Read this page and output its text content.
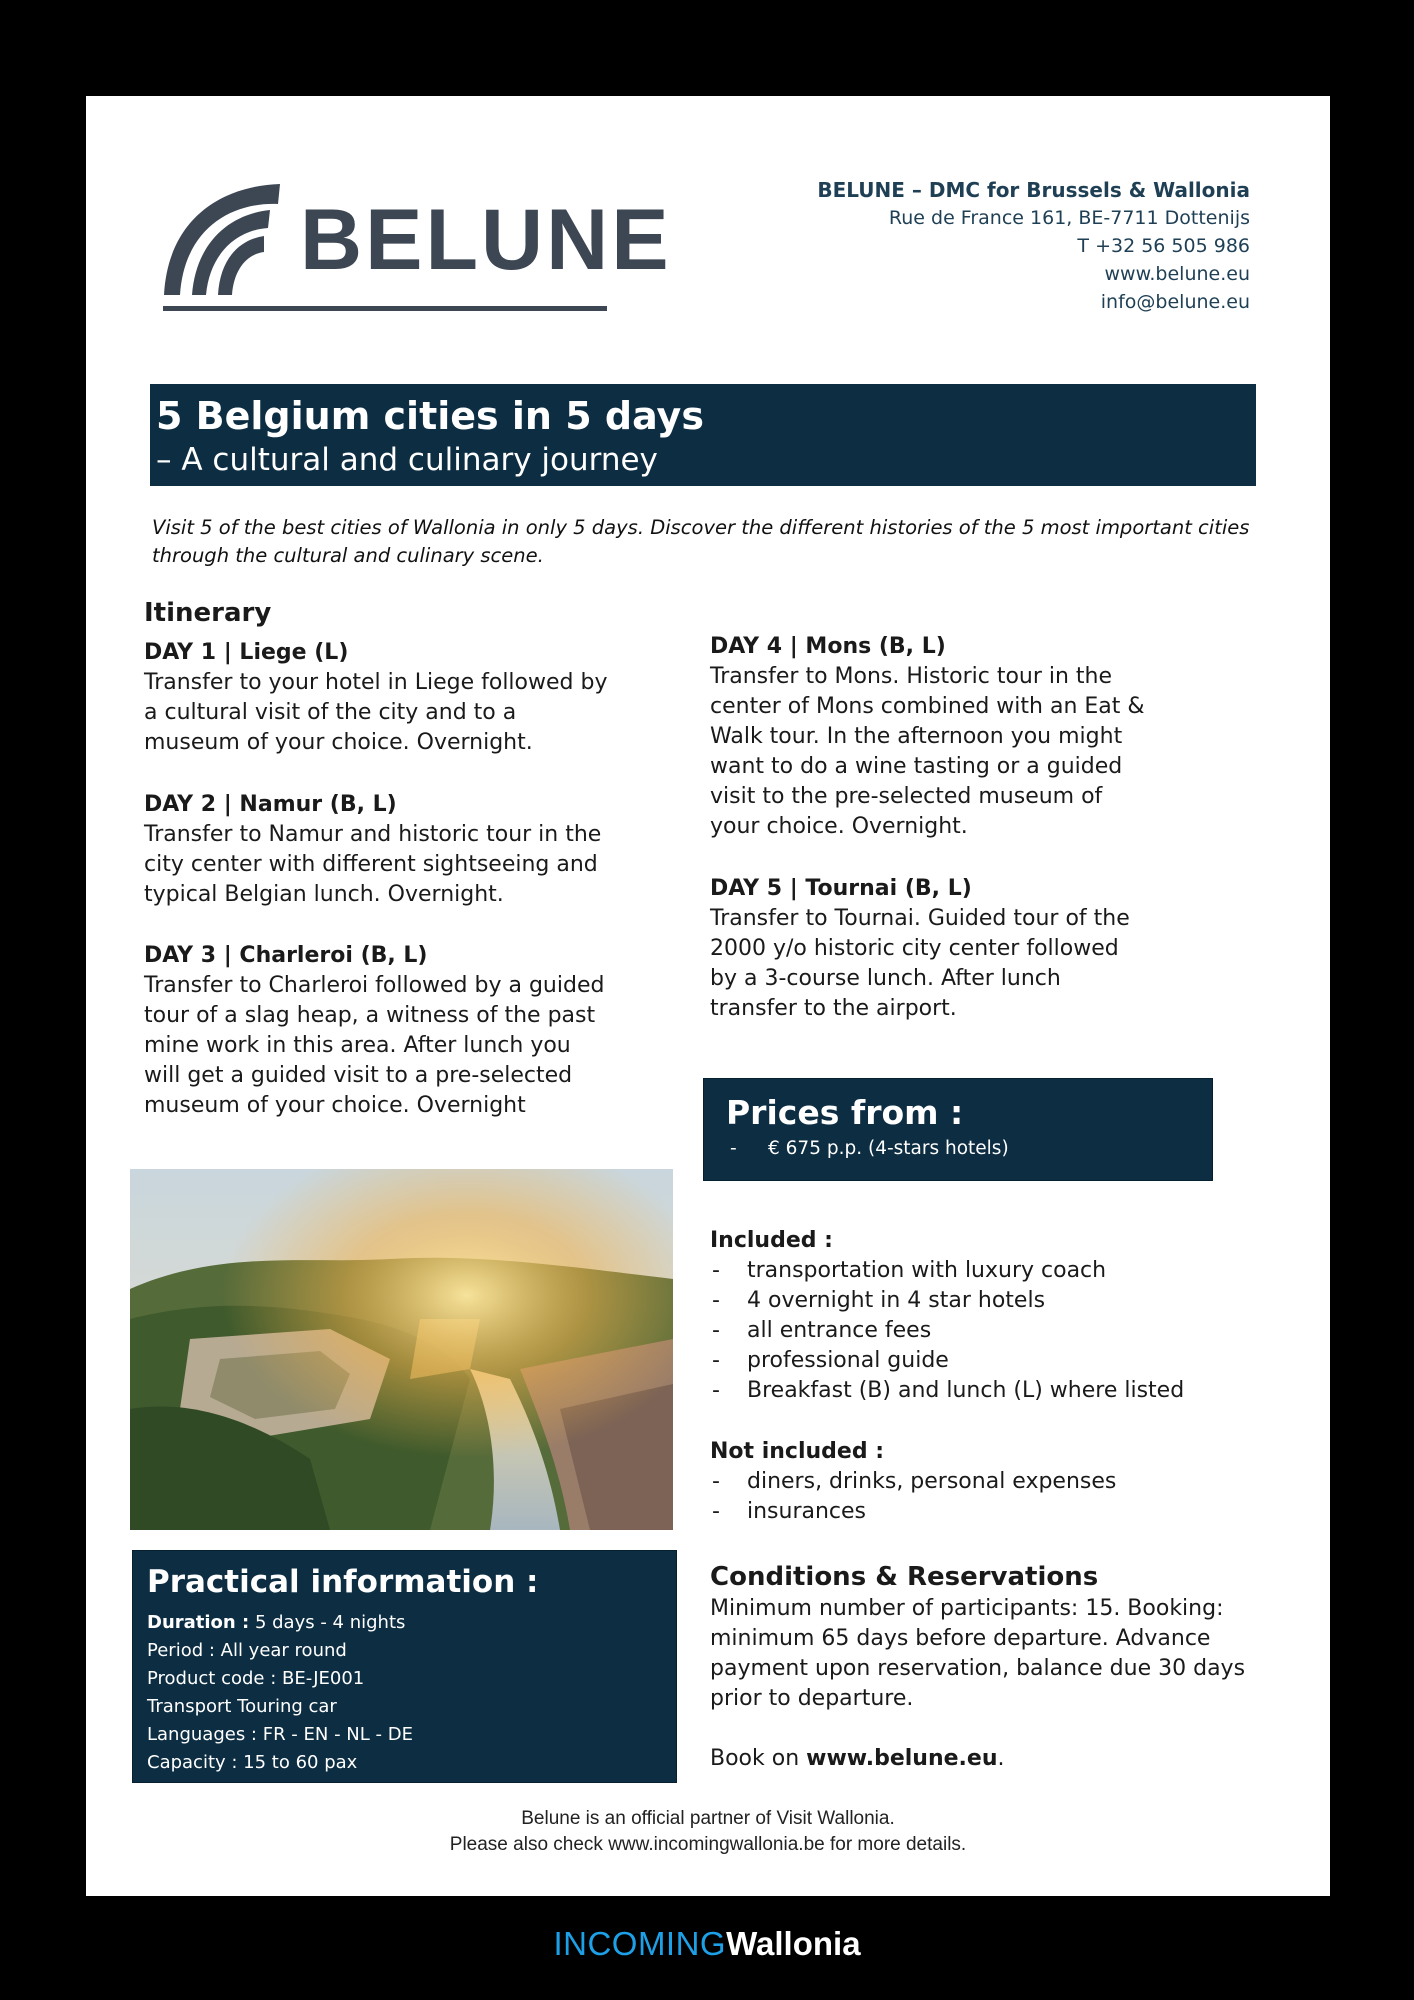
BELUNE
BELUNE – DMC for Brussels & Wallonia
Rue de France 161, BE-7711 Dottenijs
T +32 56 505 986
www.belune.eu
info@belune.eu
5 Belgium cities in 5 days
– A cultural and culinary journey
Visit 5 of the best cities of Wallonia in only 5 days. Discover the different histories of the 5 most important cities through the cultural and culinary scene.
Itinerary
DAY 1 | Liege (L)
Transfer to your hotel in Liege followed by a cultural visit of the city and to a museum of your choice. Overnight.
DAY 2 | Namur (B, L)
Transfer to Namur and historic tour in the city center with different sightseeing and typical Belgian lunch. Overnight.
DAY 3 | Charleroi (B, L)
Transfer to Charleroi followed by a guided tour of a slag heap, a witness of the past mine work in this area. After lunch you will get a guided visit to a pre-selected museum of your choice. Overnight
DAY 4 | Mons (B, L)
Transfer to Mons. Historic tour in the center of Mons combined with an Eat & Walk tour. In the afternoon you might want to do a wine tasting or a guided visit to the pre-selected museum of your choice. Overnight.
DAY 5 | Tournai (B, L)
Transfer to Tournai. Guided tour of the 2000 y/o historic city center followed by a 3-course lunch. After lunch transfer to the airport.
Practical information :
Duration : 5 days - 4 nights
Period : All year round
Product code : BE-JE001
Transport Touring car
Languages : FR - EN - NL - DE
Capacity : 15 to 60 pax
Prices from :
- € 675 p.p. (4-stars hotels)
Included :
-	transportation with luxury coach
-	4 overnight in 4 star hotels
-	all entrance fees
-	professional guide
-	Breakfast (B) and lunch (L) where listed
Not included :
-	diners, drinks, personal expenses
-	insurances
Conditions & Reservations
Minimum number of participants: 15. Booking: minimum 65 days before departure. Advance payment upon reservation, balance due 30 days prior to departure.
Book on www.belune.eu.
Belune is an official partner of Visit Wallonia.
Please also check www.incomingwallonia.be for more details.
INCOMINGWallonia
